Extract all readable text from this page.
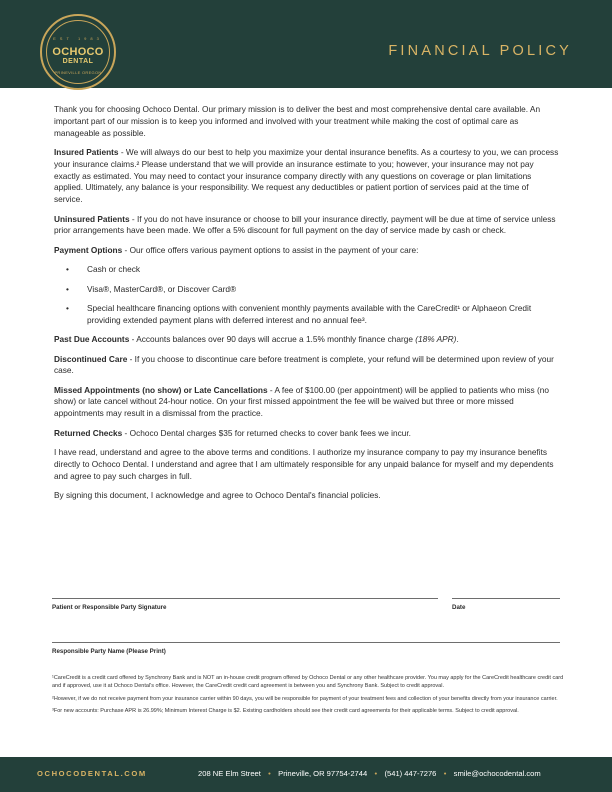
EST 1983
OCHOCO
DENTAL
PRINEVILLE OREGON
FINANCIAL POLICY

Thank you for choosing Ochoco Dental. Our primary mission is to deliver the best and most comprehensive dental care available. An important part of our mission is to keep you informed and involved with your treatment while making the cost of optimal care as manageable as possible.

Insured Patients - We will always do our best to help you maximize your dental insurance benefits. As a courtesy to you, we can process your insurance claims.² Please understand that we will provide an insurance estimate to you; however, your insurance may not pay exactly as estimated. You may need to contact your insurance company directly with any questions on coverage or plan limitations applied. Ultimately, any balance is your responsibility. We request any deductibles or patient portion of services paid at the time of service.

Uninsured Patients - If you do not have insurance or choose to bill your insurance directly, payment will be due at time of service unless prior arrangements have been made. We offer a 5% discount for full payment on the day of service made by cash or check.

Payment Options - Our office offers various payment options to assist in the payment of your care:

• Cash or check
• Visa®, MasterCard®, or Discover Card®
• Special healthcare financing options with convenient monthly payments available with the CareCredit¹ or Alphaeon Credit providing extended payment plans with deferred interest and no annual fee³.

Past Due Accounts - Accounts balances over 90 days will accrue a 1.5% monthly finance charge (18% APR).

Discontinued Care - If you choose to discontinue care before treatment is complete, your refund will be determined upon review of your case.

Missed Appointments (no show) or Late Cancellations - A fee of $100.00 (per appointment) will be applied to patients who miss (no show) or late cancel without 24-hour notice. On your first missed appointment the fee will be waived but three or more missed appointments may result in a dismissal from the practice.

Returned Checks - Ochoco Dental charges $35 for returned checks to cover bank fees we incur.

I have read, understand and agree to the above terms and conditions. I authorize my insurance company to pay my insurance benefits directly to Ochoco Dental. I understand and agree that I am ultimately responsible for any unpaid balance for myself and my dependents and agree to pay such charges in full.

By signing this document, I acknowledge and agree to Ochoco Dental's financial policies.

Patient or Responsible Party Signature	Date
Responsible Party Name (Please Print)

¹CareCredit is a credit card offered by Synchrony Bank and is NOT an in-house credit program offered by Ochoco Dental or any other healthcare provider. You may apply for the CareCredit healthcare credit card and if approved, use it at Ochoco Dental's office. However, the CareCredit credit card agreement is between you and Synchrony Bank. Subject to credit approval.

²However, if we do not receive payment from your insurance carrier within 90 days, you will be responsible for payment of your treatment fees and collection of your benefits directly from your insurance carrier.

³For new accounts: Purchase APR is 26.99%; Minimum Interest Charge is $2. Existing cardholders should see their credit card agreements for their applicable terms. Subject to credit approval.

OCHOCODENTAL.COM	208 NE Elm Street • Prineville, OR 97754-2744 • (541) 447-7276 • smile@ochocodental.com
